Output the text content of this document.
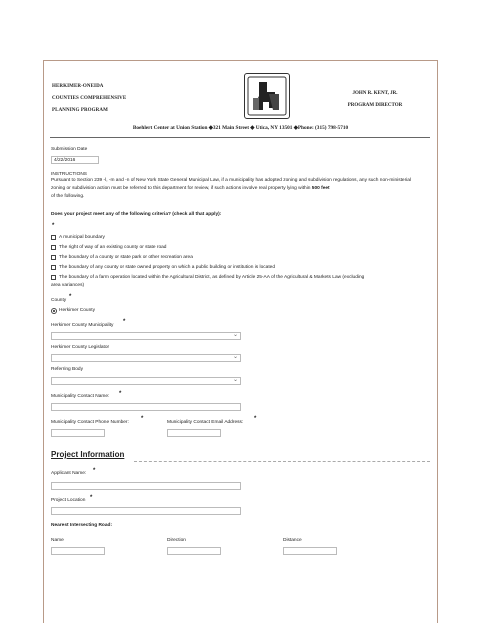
HERKIMER-ONEIDA
COUNTIES COMPREHENSIVE
PLANNING PROGRAM
JOHN R. KENT, JR.
PROGRAM DIRECTOR
Boehlert Center at Union Station ◆321 Main Street ◆ Utica, NY 13501 ◆Phone: (315) 798-5710
Submission Date
4/22/2016
INSTRUCTIONS
Pursuant to Section 239 -l, -m and -n of New York State General Municipal Law, if a municipality has adopted zoning and subdivision regulations, any such non-ministerial zoning or subdivision action must be referred to this department for review, if such actions involve real property lying within 500 feet
of the following.
Does your project meet any of the following criteria? (check all that apply):
*
A municipal boundary
The right of way of an existing county or state road
The boundary of a county or state park or other recreation area
The boundary of any county or state owned property on which a public building or institution is located
The boundary of a farm operation located within the Agricultural District, as defined by Article 25-AA of the Agricultural & Markets Law (excluding
area variances)
County
*
Herkimer County
Herkimer County Municipality
*
⌄
Herkimer County Legislator
⌄
Referring Body
⌄
Municipality Contact Name: *
Municipality Contact Phone Number:
*
Municipality Contact Email Address:
*
Project Information
Applicant Name: *
Project Location *
Nearest Intersecting Road:
Name	Direction	Distance
